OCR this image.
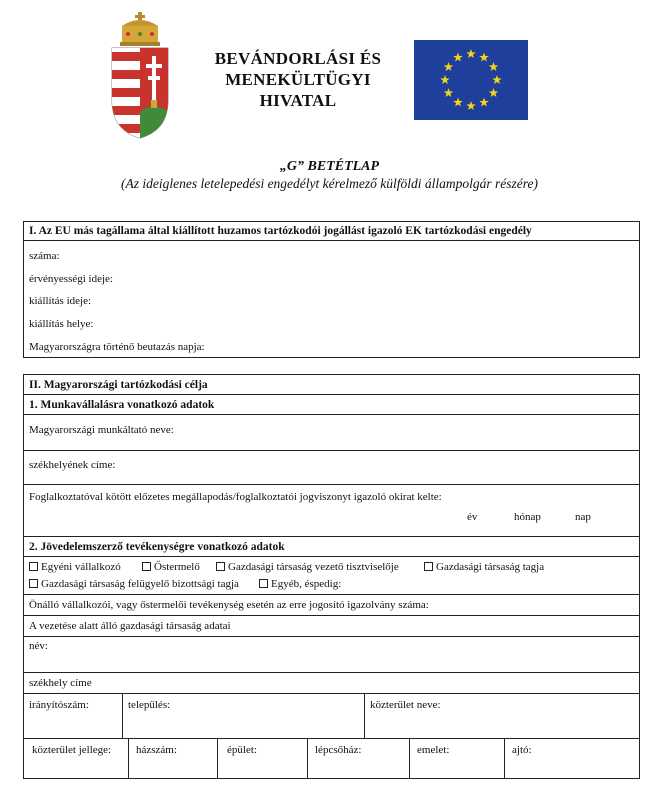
BEVÁNDORLÁSI ÉS
MENEKÜLTÜGYI
HIVATAL
„G” BETÉTLAP
(Az ideiglenes letelepedési engedélyt kérelmező külföldi állampolgár részére)
I. Az EU más tagállama által kiállított huzamos tartózkodói jogállást igazoló EK tartózkodási engedély
száma:
érvényességi ideje:
kiállítás ideje:
kiállítás helye:
Magyarországra történő beutazás napja:
II. Magyarországi tartózkodási célja
1. Munkavállalásra vonatkozó adatok
Magyarországi munkáltató neve:
székhelyének címe:
Foglalkoztatóval kötött előzetes megállapodás/foglalkoztatói jogviszonyt igazoló okirat kelte:
év	hónap	nap
2. Jövedelemszerző tevékenységre vonatkozó adatok
Egyéni vállalkozó	Őstermelő	Gazdasági társaság vezető tisztviselője	Gazdasági társaság tagja
Gazdasági társaság felügyelő bizottsági tagja	Egyéb, éspedig:
Önálló vállalkozói, vagy őstermelői tevékenység esetén az erre jogosító igazolvány száma:
A vezetése alatt álló gazdasági társaság adatai
név:
székhely címe
irányítószám:	település:	közterület neve:
közterület jellege: házszám:	épület:	lépcsőház:	emelet:	ajtó:
